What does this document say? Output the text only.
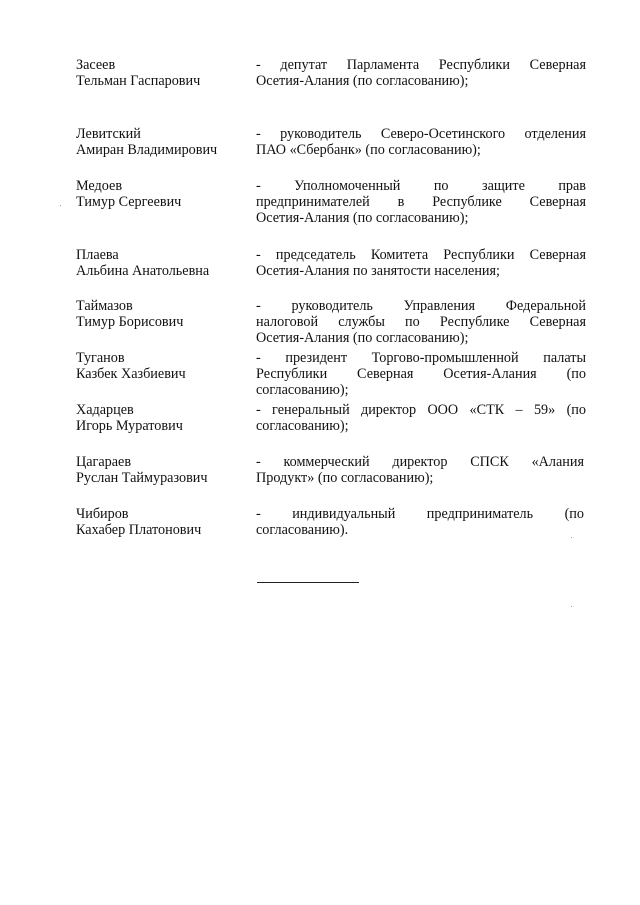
Засеев
Тельман Гаспарович
- депутат Парламента Республики Северная
Осетия-Алания (по согласованию);
Левитский
Амиран Владимирович
- руководитель Северо-Осетинского отделения
ПАО «Сбербанк» (по согласованию);
Медоев
Тимур Сергеевич
- Уполномоченный по защите прав
предпринимателей в Республике Северная
Осетия-Алания (по согласованию);
Плаева
Альбина Анатольевна
- председатель Комитета Республики Северная
Осетия-Алания по занятости населения;
Таймазов
Тимур Борисович
- руководитель Управления Федеральной
налоговой службы по Республике Северная
Осетия-Алания (по согласованию);
Туганов
Казбек Хазбиевич
- президент Торгово-промышленной палаты
Республики Северная Осетия-Алания (по
согласованию);
Хадарцев
Игорь Муратович
- генеральный директор ООО «СТК – 59» (по
согласованию);
Цагараев
Руслан Таймуразович
- коммерческий директор СПСК «Алания
Продукт» (по согласованию);
Чибиров
Кахабер Платонович
- индивидуальный предприниматель (по
согласованию).
